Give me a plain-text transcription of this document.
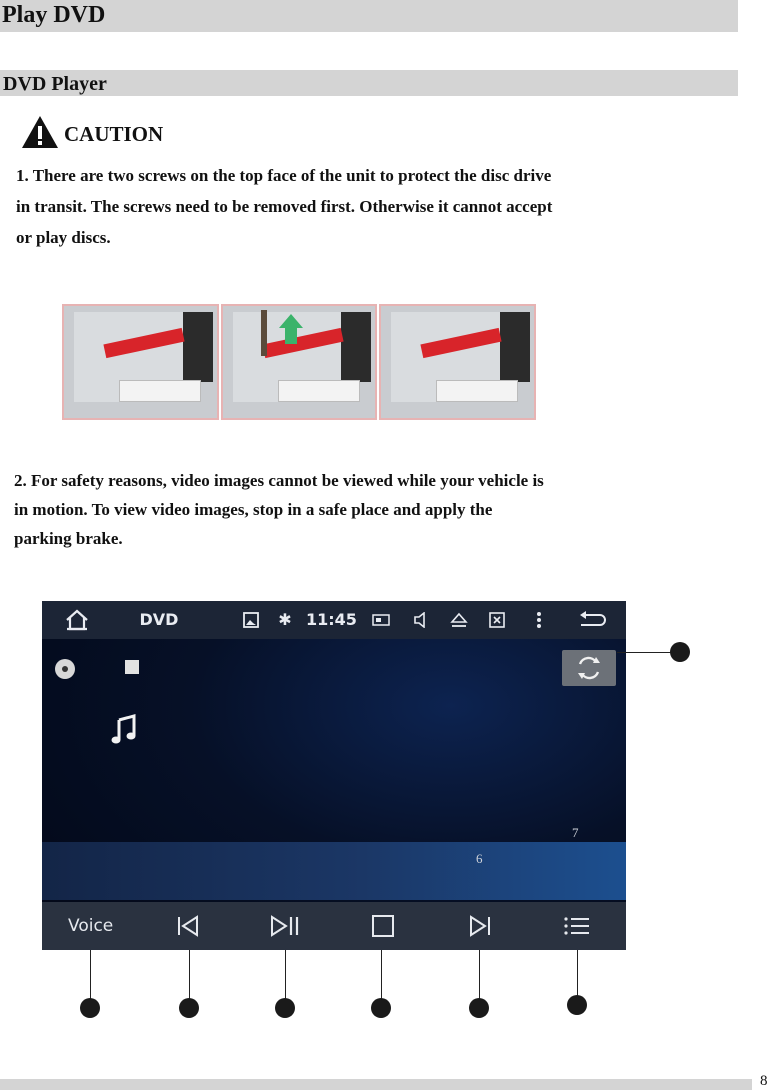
Play DVD
DVD Player
CAUTION
1. There are two screws on the top face of the unit to protect the disc drive
in transit. The screws need to be removed first. Otherwise it cannot accept
or play discs.
2. For safety reasons, video images cannot be viewed while your vehicle is
in motion. To view video images, stop in a safe place and apply the
parking brake.
DVD	✱ 11:45
7
6
Voice
8
